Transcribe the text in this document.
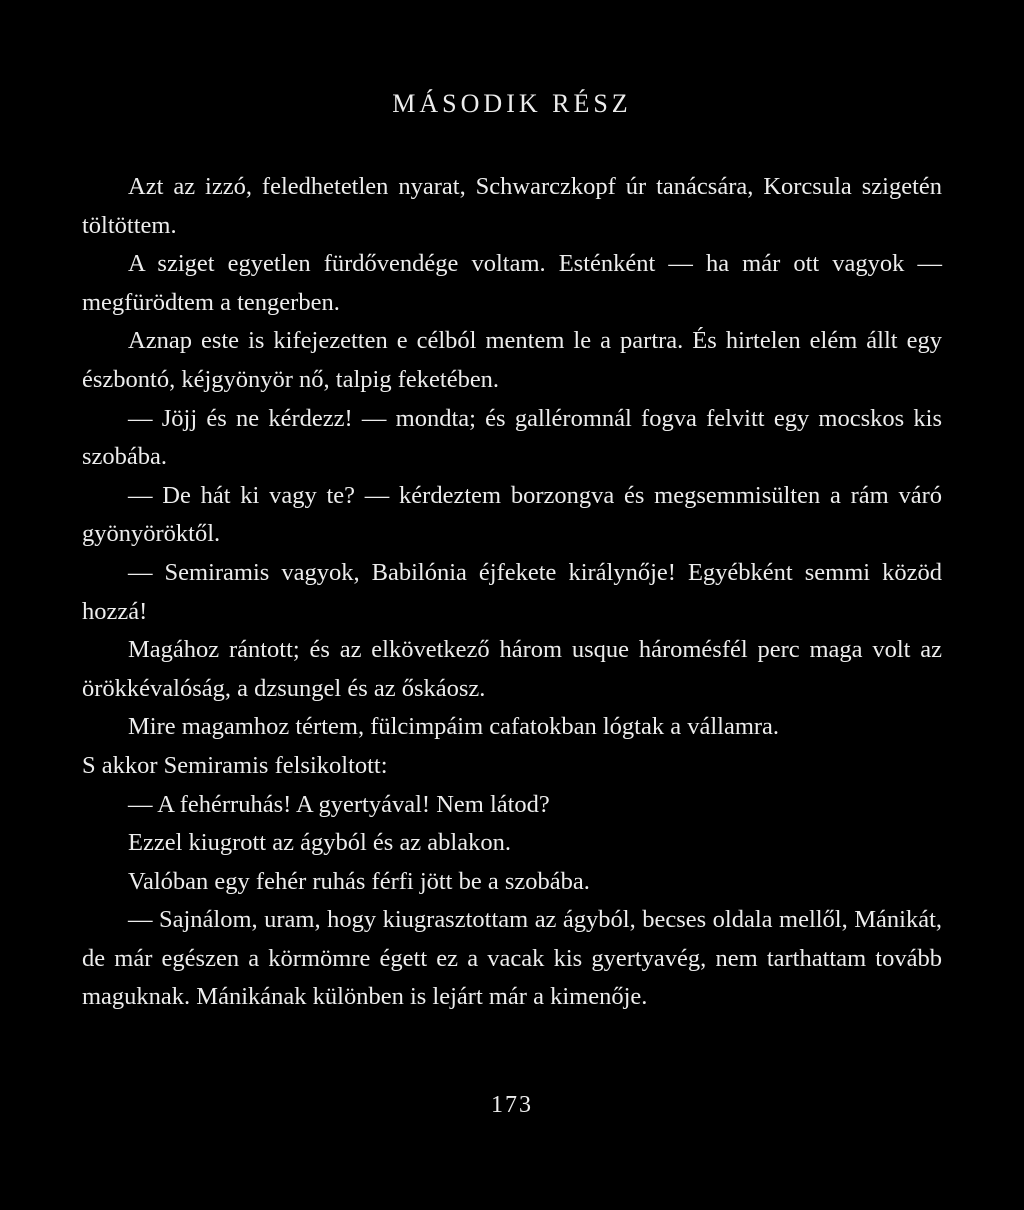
MÁSODIK RÉSZ

Azt az izzó, feledhetetlen nyarat, Schwarczkopf úr tanácsára, Korcsula szigetén töltöttem.

A sziget egyetlen fürdővendége voltam. Esténként — ha már ott vagyok — megfürödtem a tengerben.

Aznap este is kifejezetten e célból mentem le a partra. És hirtelen elém állt egy észbontó, kéjgyönyör nő, talpig feketében.

— Jöjj és ne kérdezz! — mondta; és galléromnál fogva felvitt egy mocskos kis szobába.

— De hát ki vagy te? — kérdeztem borzongva és megsemmisülten a rám váró gyönyöröktől.

— Semiramis vagyok, Babilónia éjfekete királynője! Egyébként semmi közöd hozzá!

Magához rántott; és az elkövetkező három usque háromésfél perc maga volt az örökkévalóság, a dzsungel és az őskáosz.

Mire magamhoz tértem, fülcimpáim cafatokban lógtak a vállamra.

S akkor Semiramis felsikoltott:

— A fehérruhás! A gyertyával! Nem látod?

Ezzel kiugrott az ágyból és az ablakon.

Valóban egy fehér ruhás férfi jött be a szobába.

— Sajnálom, uram, hogy kiugrasztottam az ágyból, becses oldala mellől, Mánikát, de már egészen a körmömre égett ez a vacak kis gyertyavég, nem tarthattam tovább maguknak. Mánikának különben is lejárt már a kimenője.

173
